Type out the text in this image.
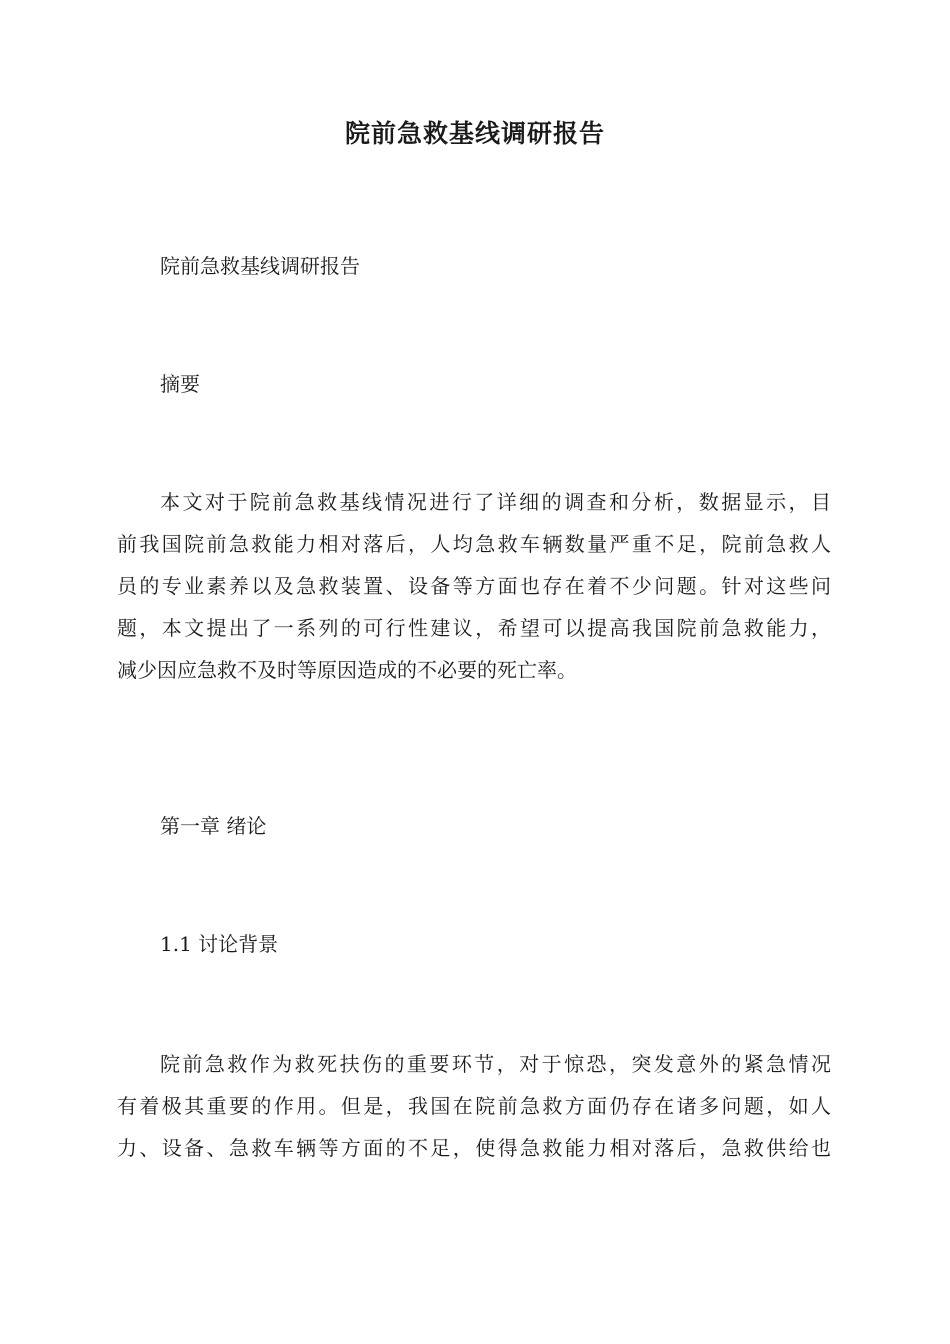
院前急救基线调研报告

院前急救基线调研报告

摘要

本文对于院前急救基线情况进行了详细的调查和分析，数据显示，目
前我国院前急救能力相对落后，人均急救车辆数量严重不足，院前急救人
员的专业素养以及急救装置、设备等方面也存在着不少问题。针对这些问
题，本文提出了一系列的可行性建议，希望可以提高我国院前急救能力，
减少因应急救不及时等原因造成的不必要的死亡率。

第一章 绪论

1.1 讨论背景

院前急救作为救死扶伤的重要环节，对于惊恐，突发意外的紧急情况
有着极其重要的作用。但是，我国在院前急救方面仍存在诸多问题，如人
力、设备、急救车辆等方面的不足，使得急救能力相对落后，急救供给也
